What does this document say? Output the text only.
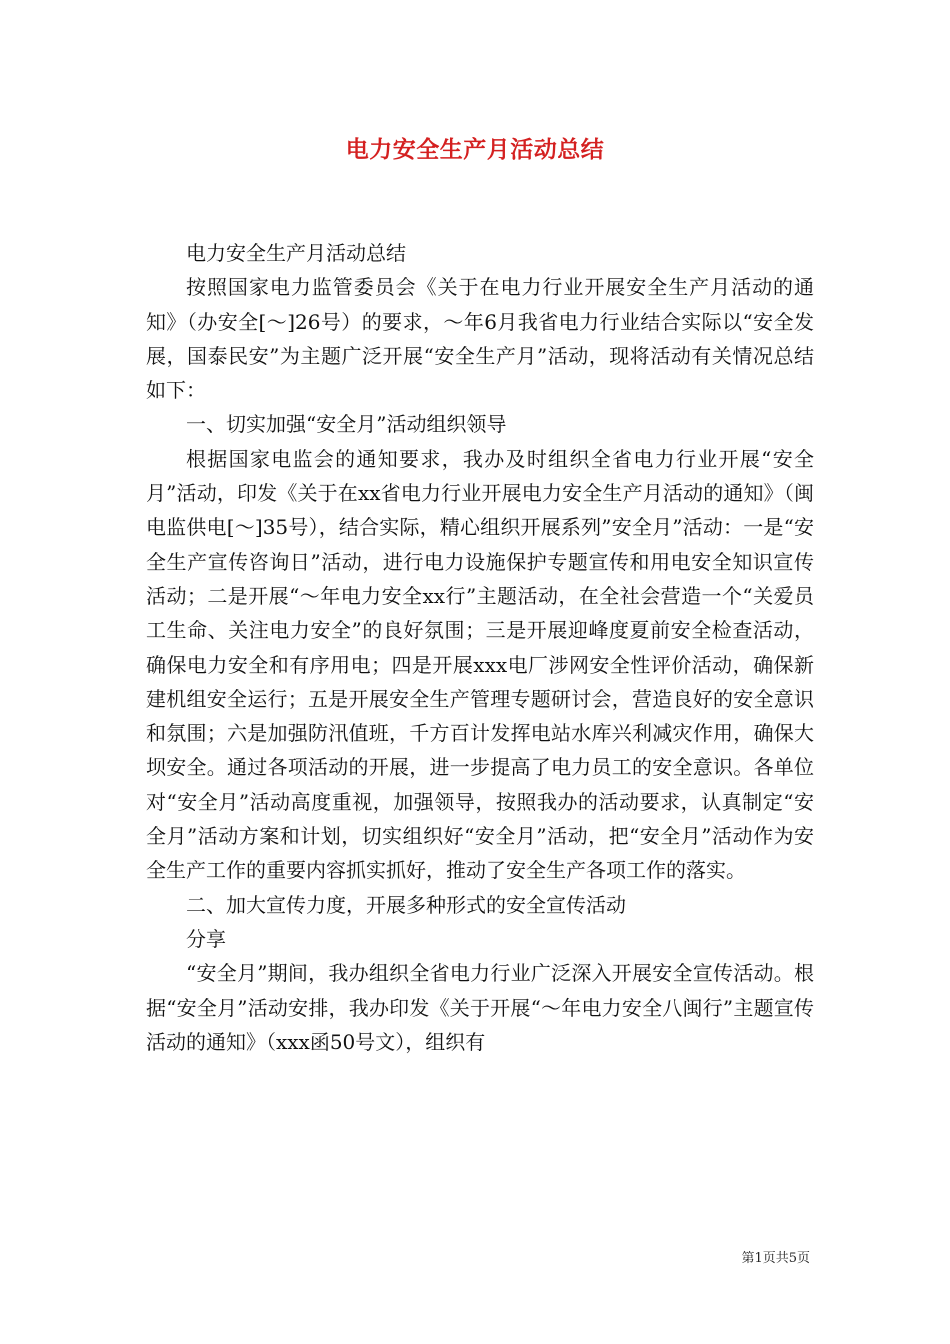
电力安全生产月活动总结

电力安全生产月活动总结

按照国家电力监管委员会《关于在电力行业开展安全生产月活动的通知》（办安全[～]26号）的要求，～年6月我省电力行业结合实际以“安全发展，国泰民安”为主题广泛开展“安全生产月”活动，现将活动有关情况总结如下：

一、切实加强“安全月”活动组织领导

根据国家电监会的通知要求，我办及时组织全省电力行业开展“安全月”活动，印发《关于在xx省电力行业开展电力安全生产月活动的通知》（闽电监供电[～]35号），结合实际，精心组织开展系列”安全月”活动：一是“安全生产宣传咨询日”活动，进行电力设施保护专题宣传和用电安全知识宣传活动；二是开展“～年电力安全xx行”主题活动，在全社会营造一个“关爱员工生命、关注电力安全”的良好氛围；三是开展迎峰度夏前安全检查活动，确保电力安全和有序用电；四是开展xxx电厂涉网安全性评价活动，确保新建机组安全运行；五是开展安全生产管理专题研讨会，营造良好的安全意识和氛围；六是加强防汛值班，千方百计发挥电站水库兴利减灾作用，确保大坝安全。通过各项活动的开展，进一步提高了电力员工的安全意识。各单位对“安全月”活动高度重视，加强领导，按照我办的活动要求，认真制定“安全月”活动方案和计划，切实组织好“安全月”活动，把“安全月”活动作为安全生产工作的重要内容抓实抓好，推动了安全生产各项工作的落实。

二、加大宣传力度，开展多种形式的安全宣传活动

分享

“安全月”期间，我办组织全省电力行业广泛深入开展安全宣传活动。根据“安全月”活动安排，我办印发《关于开展“～年电力安全八闽行”主题宣传活动的通知》（xxx函50号文），组织有

第1页共5页
